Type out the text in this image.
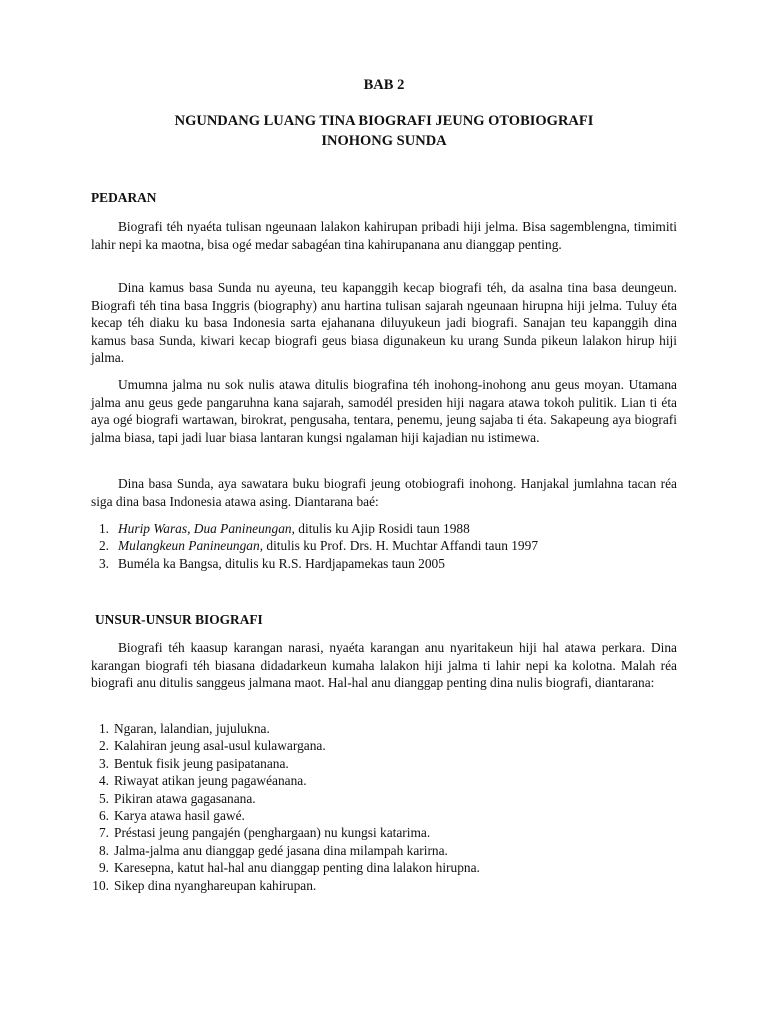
BAB 2
NGUNDANG LUANG TINA BIOGRAFI JEUNG OTOBIOGRAFI
INOHONG SUNDA
PEDARAN

Biografi téh nyaéta tulisan ngeunaan lalakon kahirupan pribadi hiji jelma. Bisa sagemblengna, timimiti lahir nepi ka maotna, bisa ogé medar sabagéan tina kahirupanana anu dianggap penting.

Dina kamus basa Sunda nu ayeuna, teu kapanggih kecap biografi téh, da asalna tina basa deungeun. Biografi téh tina basa Inggris (biography) anu hartina tulisan sajarah ngeunaan hirupna hiji jelma. Tuluy éta kecap téh diaku ku basa Indonesia sarta ejahanana diluyukeun jadi biografi. Sanajan teu kapanggih dina kamus basa Sunda, kiwari kecap biografi geus biasa digunakeun ku urang Sunda pikeun lalakon hirup hiji jalma.

Umumna jalma nu sok nulis atawa ditulis biografina téh inohong-inohong anu geus moyan. Utamana jalma anu geus gede pangaruhna kana sajarah, samodél presiden hiji nagara atawa tokoh pulitik. Lian ti éta aya ogé biografi wartawan, birokrat, pengusaha, tentara, penemu, jeung sajaba ti éta. Sakapeung aya biografi jalma biasa, tapi jadi luar biasa lantaran kungsi ngalaman hiji kajadian nu istimewa.

Dina basa Sunda, aya sawatara buku biografi jeung otobiografi inohong. Hanjakal jumlahna tacan réa siga dina basa Indonesia atawa asing. Diantarana baé:

1. Hurip Waras, Dua Panineungan, ditulis ku Ajip Rosidi taun 1988
2. Mulangkeun Panineungan, ditulis ku Prof. Drs. H. Muchtar Affandi taun 1997
3. Buméla ka Bangsa, ditulis ku R.S. Hardjapamekas taun 2005
UNSUR-UNSUR BIOGRAFI

Biografi téh kaasup karangan narasi, nyaéta karangan anu nyaritakeun hiji hal atawa perkara. Dina karangan biografi téh biasana didadarkeun kumaha lalakon hiji jalma ti lahir nepi ka kolotna. Malah réa biografi anu ditulis sanggeus jalmana maot. Hal-hal anu dianggap penting dina nulis biografi, diantarana:

1. Ngaran, lalandian, jujulukna.
2. Kalahiran jeung asal-usul kulawargana.
3. Bentuk fisik jeung pasipatanana.
4. Riwayat atikan jeung pagawéanana.
5. Pikiran atawa gagasanana.
6. Karya atawa hasil gawé.
7. Préstasi jeung pangajén (penghargaan) nu kungsi katarima.
8. Jalma-jalma anu dianggap gedé jasana dina milampah karirna.
9. Karesepna, katut hal-hal anu dianggap penting dina lalakon hirupna.
10. Sikep dina nyanghareupan kahirupan.
